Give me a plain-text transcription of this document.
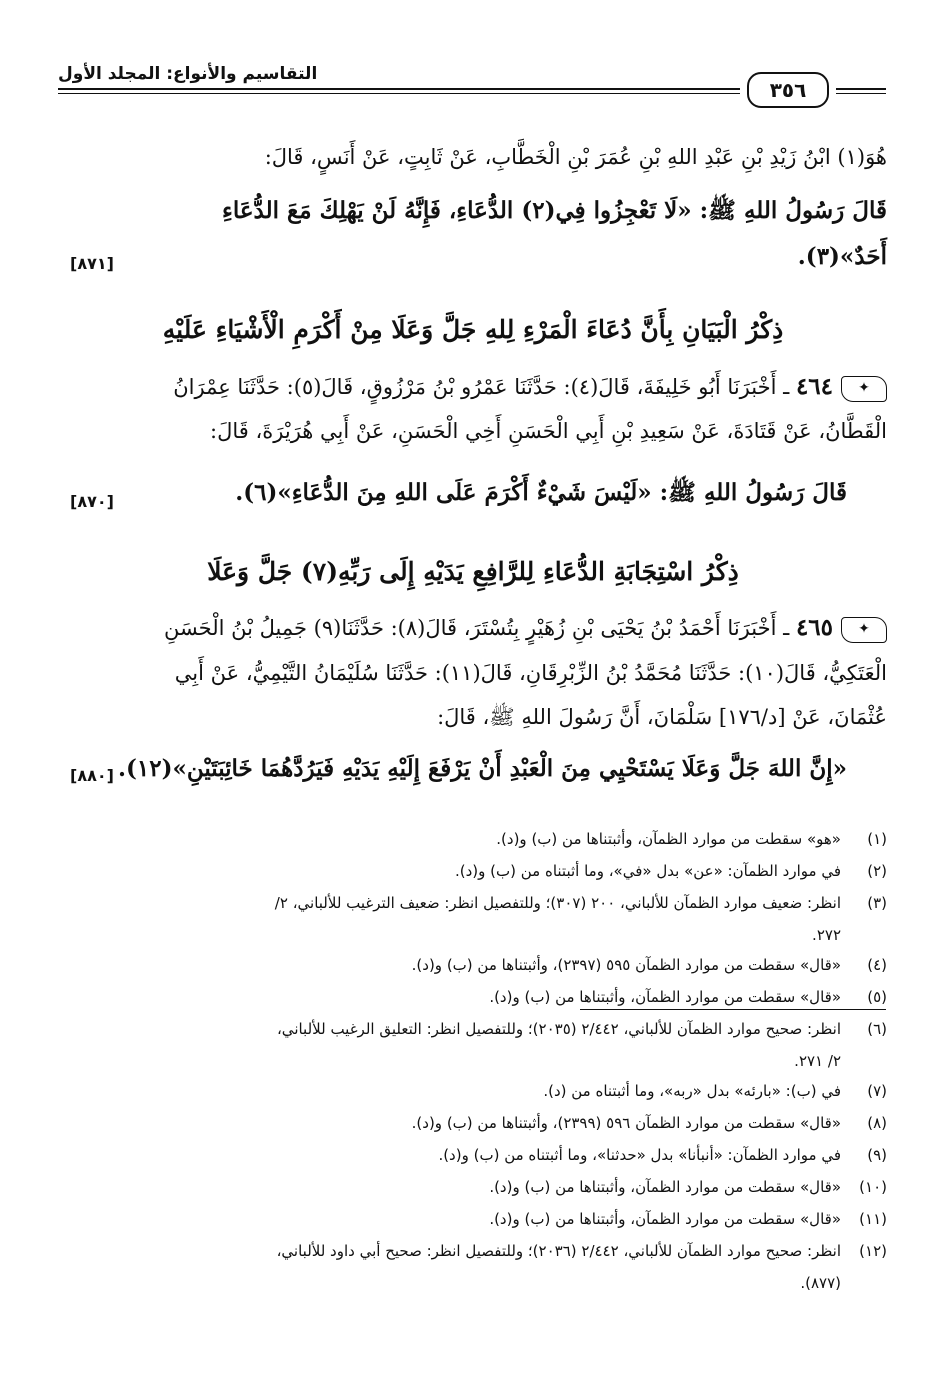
التقاسيم والأنواع: المجلد الأول
٣٥٦
هُوَ(١) ابْنُ زَيْدِ بْنِ عَبْدِ اللهِ بْنِ عُمَرَ بْنِ الْخَطَّابِ، عَنْ ثَابِتٍ، عَنْ أَنَسٍ، قَالَ:
قَالَ رَسُولُ اللهِ ﷺ: «لَا تَعْجِزُوا فِي(٢) الدُّعَاءِ، فَإِنَّهُ لَنْ يَهْلِكَ مَعَ الدُّعَاءِ
أَحَدٌ»(٣).
[٨٧١]
ذِكْرُ الْبَيَانِ بِأَنَّ دُعَاءَ الْمَرْءِ لِلهِ جَلَّ وَعَلَا مِنْ أَكْرَمِ الْأَشْيَاءِ عَلَيْهِ
✦
٤٦٤ ـ أَخْبَرَنَا أَبُو خَلِيفَةَ، قَالَ(٤): حَدَّثَنَا عَمْرُو بْنُ مَرْزُوقٍ، قَالَ(٥): حَدَّثَنَا عِمْرَانُ
الْقَطَّانُ، عَنْ قَتَادَةَ، عَنْ سَعِيدِ بْنِ أَبِي الْحَسَنِ أَخِي الْحَسَنِ، عَنْ أَبِي هُرَيْرَةَ، قَالَ:
قَالَ رَسُولُ اللهِ ﷺ: «لَيْسَ شَيْءٌ أَكْرَمَ عَلَى اللهِ مِنَ الدُّعَاءِ»(٦).
[٨٧٠]
ذِكْرُ اسْتِجَابَةِ الدُّعَاءِ لِلرَّافِعِ يَدَيْهِ إِلَى رَبِّهِ(٧) جَلَّ وَعَلَا
✦
٤٦٥ ـ أَخْبَرَنَا أَحْمَدُ بْنُ يَحْيَى بْنِ زُهَيْرٍ بِتُسْتَرَ، قَالَ(٨): حَدَّثَنَا(٩) جَمِيلُ بْنُ الْحَسَنِ
الْعَتَكِيُّ، قَالَ(١٠): حَدَّثَنَا مُحَمَّدُ بْنُ الزِّبْرِقَانِ، قَالَ(١١): حَدَّثَنَا سُلَيْمَانُ التَّيْمِيُّ، عَنْ أَبِي
عُثْمَانَ، عَنْ [د/١٧٦] سَلْمَانَ، أَنَّ رَسُولَ اللهِ ﷺ، قَالَ:
«إِنَّ اللهَ جَلَّ وَعَلَا يَسْتَحْيِي مِنَ الْعَبْدِ أَنْ يَرْفَعَ إِلَيْهِ يَدَيْهِ فَيَرُدَّهُمَا خَائِبَتَيْنِ»(١٢).
[٨٨٠]
(١)«هو» سقطت من موارد الظمآن، وأثبتناها من (ب) و(د).
(٢)في موارد الظمآن: «عن» بدل «في»، وما أثبتناه من (ب) و(د).
(٣)انظر: ضعيف موارد الظمآن للألباني، ٢٠٠ (٣٠٧)؛ وللتفصيل انظر: ضعيف الترغيب للألباني، ٢/
٢٧٢.
(٤)«قال» سقطت من موارد الظمآن ٥٩٥ (٢٣٩٧)، وأثبتناها من (ب) و(د).
(٥)«قال» سقطت من موارد الظمآن، وأثبتناها من (ب) و(د).
(٦)انظر: صحيح موارد الظمآن للألباني، ٢/٤٤٢ (٢٠٣٥)؛ وللتفصيل انظر: التعليق الرغيب للألباني،
٢/ ٢٧١.
(٧)في (ب): «بارئه» بدل «ربه»، وما أثبتناه من (د).
(٨)«قال» سقطت من موارد الظمآن ٥٩٦ (٢٣٩٩)، وأثبتناها من (ب) و(د).
(٩)في موارد الظمآن: «أنبأنا» بدل «حدثنا»، وما أثبتناه من (ب) و(د).
(١٠)«قال» سقطت من موارد الظمآن، وأثبتناها من (ب) و(د).
(١١)«قال» سقطت من موارد الظمآن، وأثبتناها من (ب) و(د).
(١٢)انظر: صحيح موارد الظمآن للألباني، ٢/٤٤٢ (٢٠٣٦)؛ وللتفصيل انظر: صحيح أبي داود للألباني،
(٨٧٧).
